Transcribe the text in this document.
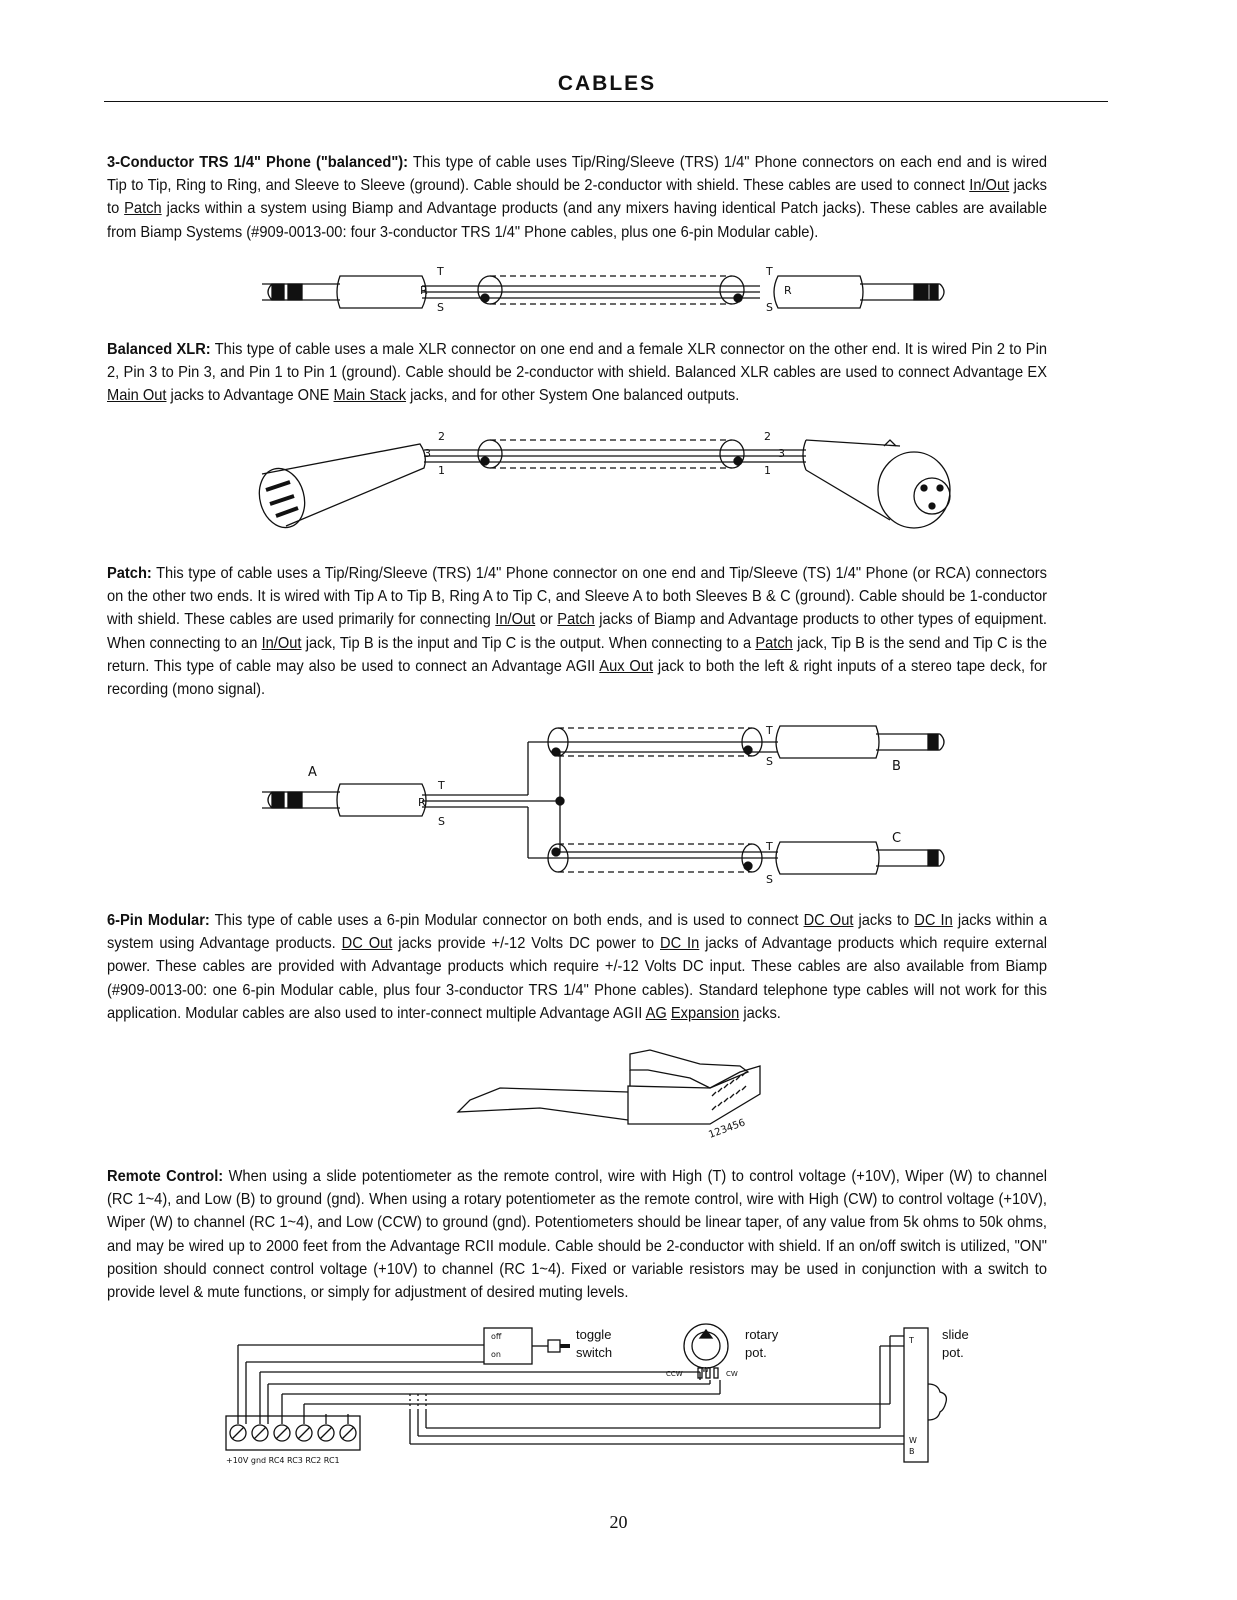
CABLES

3-Conductor TRS 1/4" Phone ("balanced"): This type of cable uses Tip/Ring/Sleeve (TRS) 1/4" Phone connectors on each end and is wired Tip to Tip, Ring to Ring, and Sleeve to Sleeve (ground). Cable should be 2-conductor with shield. These cables are used to connect In/Out jacks to Patch jacks within a system using Biamp and Advantage products (and any mixers having identical Patch jacks). These cables are available from Biamp Systems (#909-0013-00: four 3-conductor TRS 1/4" Phone cables, plus one 6-pin Modular cable).

Balanced XLR: This type of cable uses a male XLR connector on one end and a female XLR connector on the other end. It is wired Pin 2 to Pin 2, Pin 3 to Pin 3, and Pin 1 to Pin 1 (ground). Cable should be 2-conductor with shield. Balanced XLR cables are used to connect Advantage EX Main Out jacks to Advantage ONE Main Stack jacks, and for other System One balanced outputs.

Patch: This type of cable uses a Tip/Ring/Sleeve (TRS) 1/4" Phone connector on one end and Tip/Sleeve (TS) 1/4" Phone (or RCA) connectors on the other two ends. It is wired with Tip A to Tip B, Ring A to Tip C, and Sleeve A to both Sleeves B & C (ground). Cable should be 1-conductor with shield. These cables are used primarily for connecting In/Out or Patch jacks of Biamp and Advantage products to other types of equipment. When connecting to an In/Out jack, Tip B is the input and Tip C is the output. When connecting to a Patch jack, Tip B is the send and Tip C is the return. This type of cable may also be used to connect an Advantage AGII Aux Out jack to both the left & right inputs of a stereo tape deck, for recording (mono signal).

6-Pin Modular: This type of cable uses a 6-pin Modular connector on both ends, and is used to connect DC Out jacks to DC In jacks within a system using Advantage products. DC Out jacks provide +/-12 Volts DC power to DC In jacks of Advantage products which require external power. These cables are provided with Advantage products which require +/-12 Volts DC input. These cables are also available from Biamp (#909-0013-00: one 6-pin Modular cable, plus four 3-conductor TRS 1/4" Phone cables). Standard telephone type cables will not work for this application. Modular cables are also used to inter-connect multiple Advantage AGII AG Expansion jacks.

Remote Control: When using a slide potentiometer as the remote control, wire with High (T) to control voltage (+10V), Wiper (W) to channel (RC 1~4), and Low (B) to ground (gnd). When using a rotary potentiometer as the remote control, wire with High (CW) to control voltage (+10V), Wiper (W) to channel (RC 1~4), and Low (CCW) to ground (gnd). Potentiometers should be linear taper, of any value from 5k ohms to 50k ohms, and may be wired up to 2000 feet from the Advantage RCII module. Cable should be 2-conductor with shield. If an on/off switch is utilized, "ON" position should connect control voltage (+10V) to channel (RC 1~4). Fixed or variable resistors may be used in conjunction with a switch to provide level & mute functions, or simply for adjustment of desired muting levels.

T
R
S
T
R
S
2
3
1
2
3
1
A
T
R
S
T
S	B
C
T
S
123456
off
on
toggle
switch
rotary
pot.
CCW	W CW
slide
pot.
T
W
B
+10V gnd RC4 RC3 RC2 RC1
20
